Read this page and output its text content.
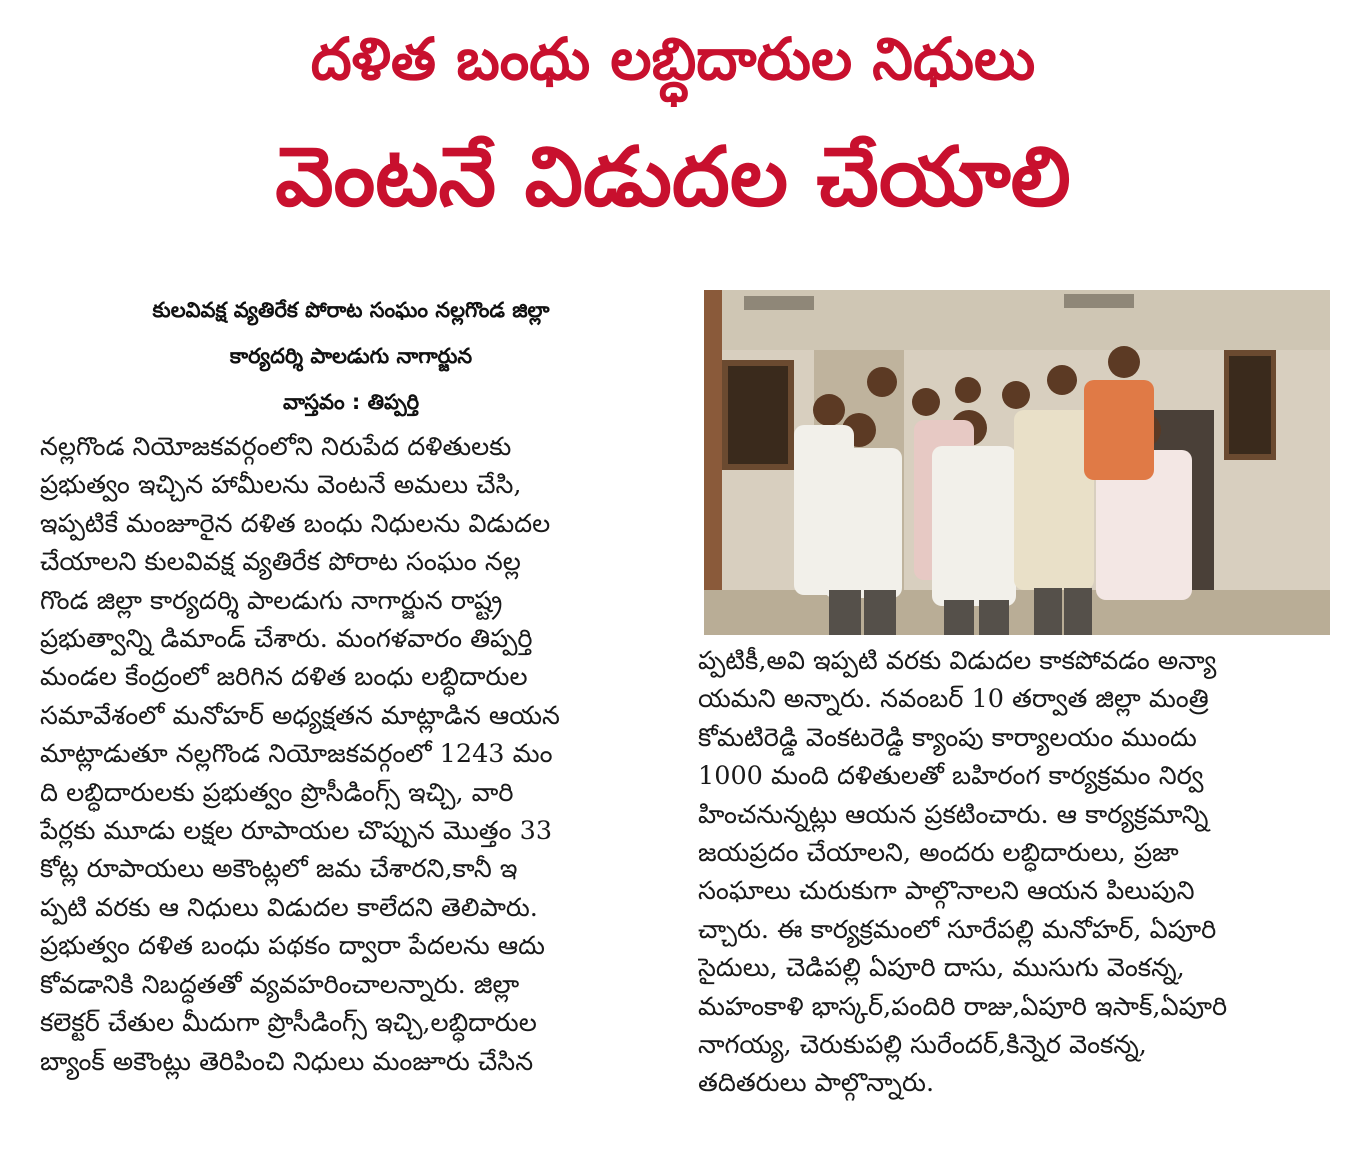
దళిత బంధు లబ్ధిదారుల నిధులు
వెంటనే విడుదల చేయాలి
కులవివక్ష వ్యతిరేక పోరాట సంఘం నల్లగొండ జిల్లా
కార్యదర్శి పాలడుగు నాగార్జున
వాస్తవం : తిప్పర్తి
నల్లగొండ నియోజకవర్గంలోని నిరుపేద దళితులకు
ప్రభుత్వం ఇచ్చిన హామీలను వెంటనే అమలు చేసి,
ఇప్పటికే మంజూరైన దళిత బంధు నిధులను విడుదల
చేయాలని కులవివక్ష వ్యతిరేక పోరాట సంఘం నల్ల
గొండ జిల్లా కార్యదర్శి పాలడుగు నాగార్జున రాష్ట్ర
ప్రభుత్వాన్ని డిమాండ్ చేశారు. మంగళవారం తిప్పర్తి
మండల కేంద్రంలో జరిగిన దళిత బంధు లబ్ధిదారుల
సమావేశంలో మనోహర్ అధ్యక్షతన మాట్లాడిన ఆయన
మాట్లాడుతూ నల్లగొండ నియోజకవర్గంలో 1243 మం
ది లబ్ధిదారులకు ప్రభుత్వం ప్రొసీడింగ్స్ ఇచ్చి, వారి
పేర్లకు మూడు లక్షల రూపాయల చొప్పున మొత్తం 33
కోట్ల రూపాయలు అకౌంట్లలో జమ చేశారని,కానీ ఇ
ప్పటి వరకు ఆ నిధులు విడుదల కాలేదని తెలిపారు.
ప్రభుత్వం దళిత బంధు పథకం ద్వారా పేదలను ఆదు
కోవడానికి నిబద్ధతతో వ్యవహరించాలన్నారు. జిల్లా
కలెక్టర్ చేతుల మీదుగా ప్రొసీడింగ్స్ ఇచ్చి,లబ్ధిదారుల
బ్యాంక్ అకౌంట్లు తెరిపించి నిధులు మంజూరు చేసిన
ప్పటికీ,అవి ఇప్పటి వరకు విడుదల కాకపోవడం అన్యా
యమని అన్నారు. నవంబర్ 10 తర్వాత జిల్లా మంత్రి
కోమటిరెడ్డి వెంకటరెడ్డి క్యాంపు కార్యాలయం ముందు
1000 మంది దళితులతో బహిరంగ కార్యక్రమం నిర్వ
హించనున్నట్లు ఆయన ప్రకటించారు. ఆ కార్యక్రమాన్ని
జయప్రదం చేయాలని, అందరు లబ్ధిదారులు, ప్రజా
సంఘాలు చురుకుగా పాల్గొనాలని ఆయన పిలుపుని
చ్చారు. ఈ కార్యక్రమంలో సూరేపల్లి మనోహర్, ఏపూరి
సైదులు, చెడిపల్లి ఏపూరి దాసు, ముసుగు వెంకన్న,
మహంకాళి భాస్కర్,పందిరి రాజు,ఏపూరి ఇసాక్,ఏపూరి
నాగయ్య, చెరుకుపల్లి సురేందర్,కిన్నెర వెంకన్న,
తదితరులు పాల్గొన్నారు.
